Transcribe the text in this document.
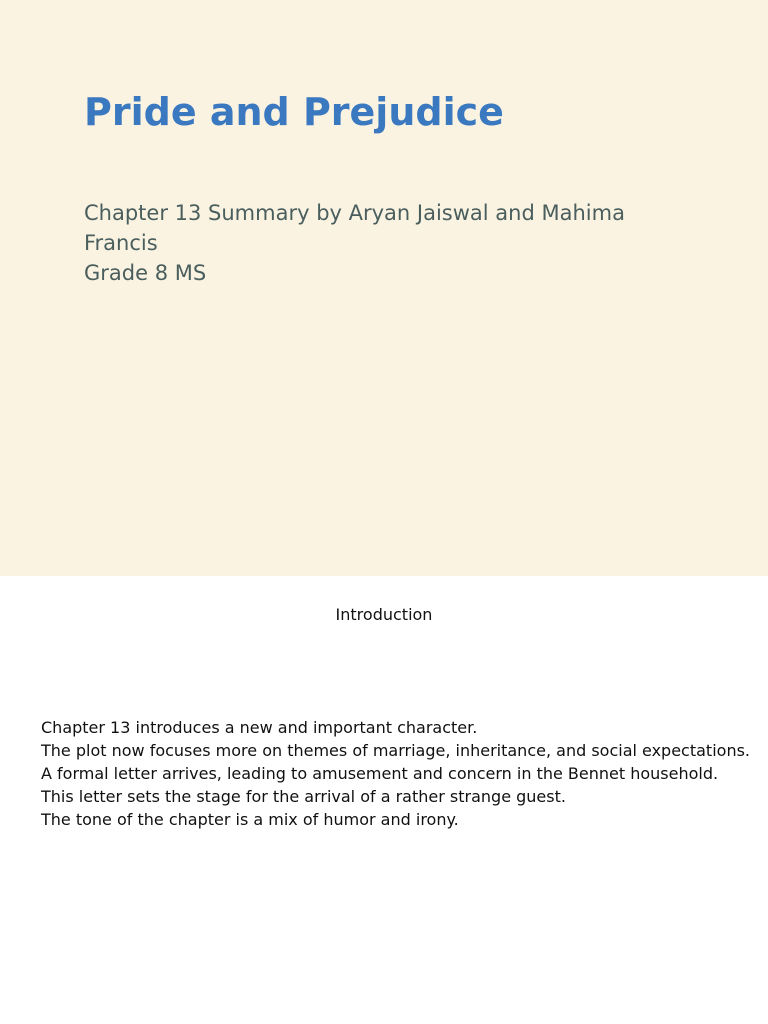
Pride and Prejudice
Chapter 13 Summary by Aryan Jaiswal and Mahima
Francis
Grade 8 MS
Introduction
Chapter 13 introduces a new and important character.
The plot now focuses more on themes of marriage, inheritance, and social expectations.
A formal letter arrives, leading to amusement and concern in the Bennet household.
This letter sets the stage for the arrival of a rather strange guest.
The tone of the chapter is a mix of humor and irony.
